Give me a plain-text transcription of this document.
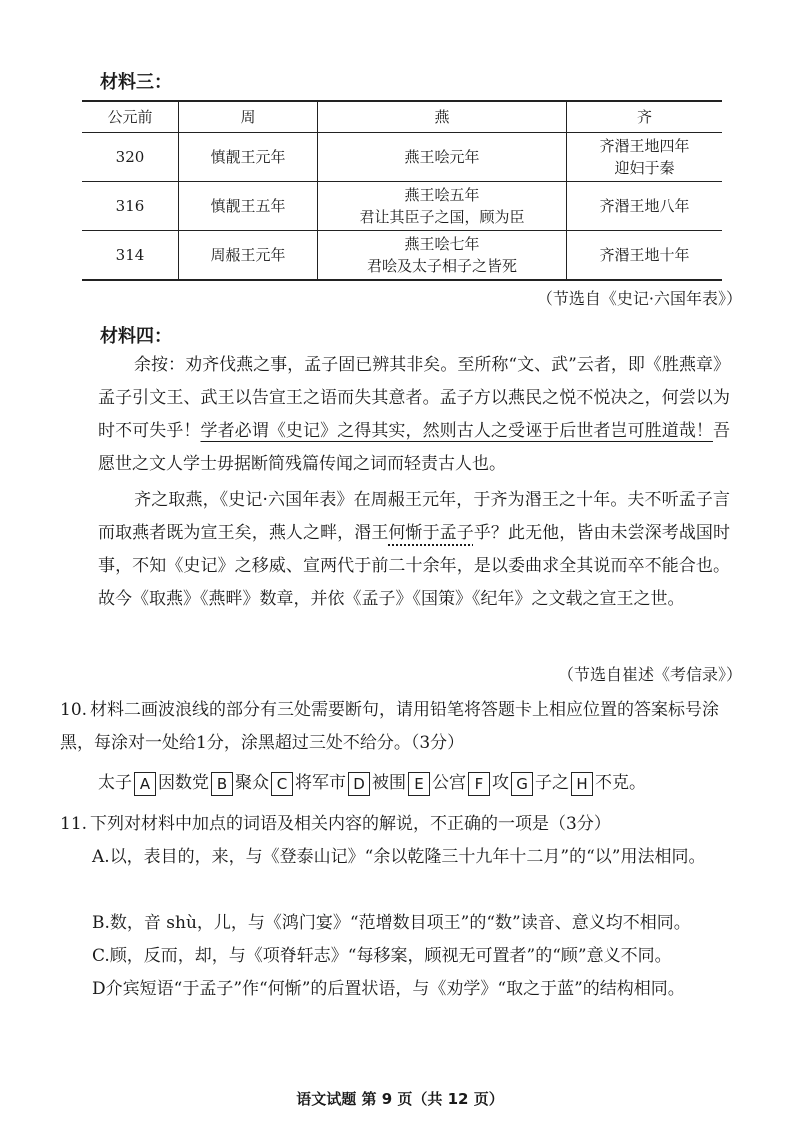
材料三：
公元前	周	燕	齐
320	慎靓王元年	燕王哙元年	齐湣王地四年
迎妇于秦

316	慎靓王五年	燕王哙五年
君让其臣子之国，顾为臣	齐湣王地八年

314	周赧王元年	燕王哙七年
君哙及太子相子之皆死	齐湣王地十年
（节选自《史记·六国年表》）
材料四：
余按：劝齐伐燕之事，孟子固已辨其非矣。至所称“文、武”云者，即《胜燕章》孟子引文王、武王以告宣王之语而失其意者。孟子方以燕民之悦不悦决之，何尝以为时不可失乎！学者必谓《史记》之得其实，然则古人之受诬于后世者岂可胜道哉！吾愿世之文人学士毋据断简残篇传闻之词而轻责古人也。
齐之取燕，《史记·六国年表》在周赧王元年，于齐为湣王之十年。夫不听孟子言而取燕者既为宣王矣，燕人之畔，湣王何惭于孟子乎？此无他，皆由未尝深考战国时事，不知《史记》之移威、宣两代于前二十余年，是以委曲求全其说而卒不能合也。故今《取燕》《燕畔》数章，并依《孟子》《国策》《纪年》之文载之宣王之世。
（节选自崔述《考信录》）
10. 材料二画波浪线的部分有三处需要断句，请用铅笔将答题卡上相应位置的答案标号涂黑，每涂对一处给1分，涂黑超过三处不给分。（3分）
太子 A 因数党 B 聚众 C 将军市 D 被围 E 公宫 F 攻 G 子之 H 不克。
11. 下列对材料中加点的词语及相关内容的解说，不正确的一项是（3分）
A.以，表目的，来，与《登泰山记》“余以乾隆三十九年十二月”的“以”用法相同。
B.数，音 shù，儿，与《鸿门宴》“范增数目项王”的“数”读音、意义均不相同。
C.顾，反而，却，与《项脊轩志》“每移案，顾视无可置者”的“顾”意义不同。
D介宾短语“于孟子”作“何惭”的后置状语，与《劝学》“取之于蓝”的结构相同。
语文试题 第 9 页（共 12 页）
